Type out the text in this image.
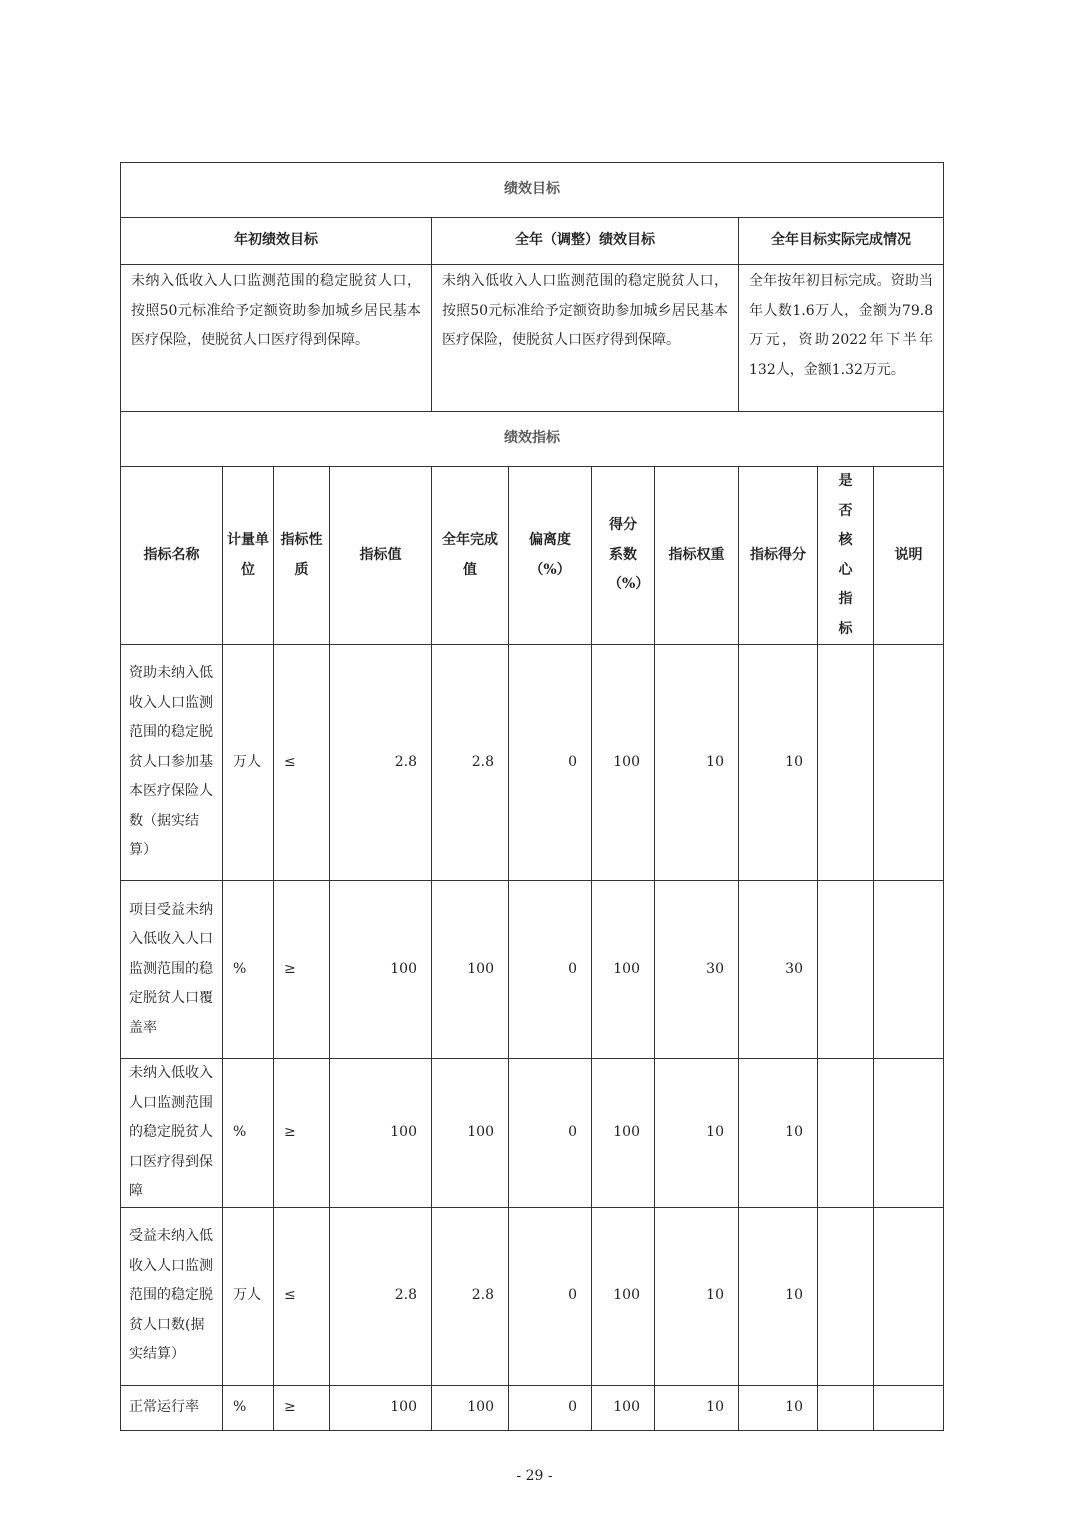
绩效目标										
年初绩效目标				全年（调整）绩效目标				全年目标实际完成情况		
未纳入低收入人口监测范围的稳定脱贫人口，按照50元标准给予定额资助参加城乡居民基本医疗保险，使脱贫人口医疗得到保障。				未纳入低收入人口监测范围的稳定脱贫人口，按照50元标准给予定额资助参加城乡居民基本医疗保险，使脱贫人口医疗得到保障。				全年按年初目标完成。资助当年人数1.6万人，金额为79.8万元，资助2022年下半年132人，金额1.32万元。		
绩效指标										
指标名称	计量单位	指标性质	指标值	全年完成值	偏离度（%）	得分系数（%）	指标权重	指标得分	是否核心指标	说明
资助未纳入低收入人口监测范围的稳定脱贫人口参加基本医疗保险人数（据实结算）	万人	≤	2.8	2.8	0	100	10	10		
项目受益未纳入低收入人口监测范围的稳定脱贫人口覆盖率	%	≥	100	100	0	100	30	30		
未纳入低收入人口监测范围的稳定脱贫人口医疗得到保障	%	≥	100	100	0	100	10	10		
受益未纳入低收入人口监测范围的稳定脱贫人口数(据实结算）	万人	≤	2.8	2.8	0	100	10	10		
正常运行率	%	≥	100	100	0	100	10	10		
- 29 -
